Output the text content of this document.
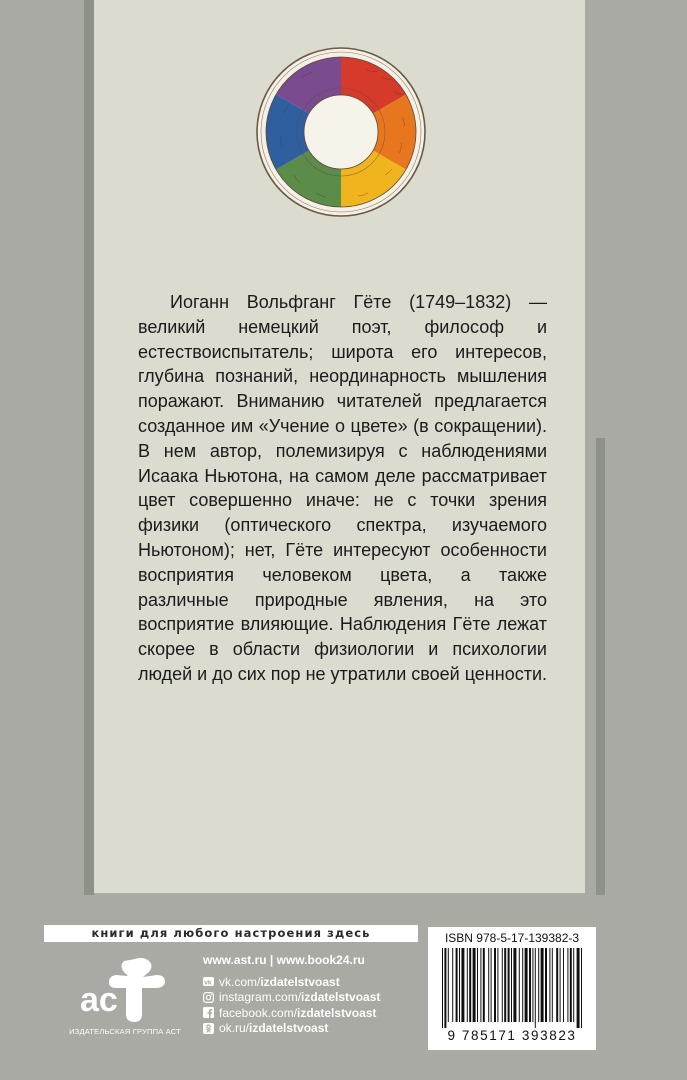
Иоганн Вольфганг Гёте (1749–1832) — великий немецкий поэт, философ и естествоиспытатель; широта его интересов, глубина познаний, неординарность мышления поражают. Вниманию читателей предлагается созданное им «Учение о цвете» (в сокращении). В нем автор, полемизируя с наблюдениями Исаака Ньютона, на самом деле рассматривает цвет совершенно иначе: не с точки зрения физики (оптического спектра, изучаемого Ньютоном); нет, Гёте интересуют особенности восприятия человеком цвета, а также различные природные явления, на это восприятие влияющие. Наблюдения Гёте лежат скорее в области физиологии и психологии людей и до сих пор не утратили своей ценности.

книги для любого настроения здесь
ас
ИЗДАТЕЛЬСКАЯ ГРУППА АСТ
www.ast.ru | www.book24.ru
vk vk.com/ izdatelstvoast
instagram.com/ izdatelstvoast
facebook.com/ izdatelstvoast
ok.ru/ izdatelstvoast
ISBN 978-5-17-139382-3
9 785171 393823
